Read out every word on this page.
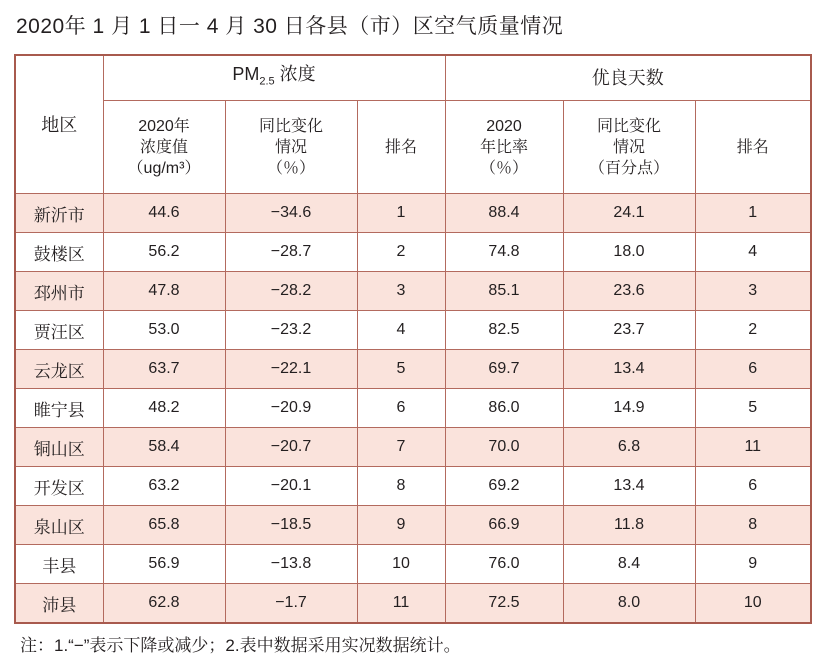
2020年 1 月 1 日一 4 月 30 日各县（市）区空气质量情况
地区	$PM_{2.5}$ 浓度			优良天数		

	2020年
浓度值
（ug/m³）	同比变化
情况
（％）	排名	2020
年比率
（％）	同比变化
情况
（百分点）	排名
新沂市	44.6	−34.6	1	88.4	24.1	1
鼓楼区	56.2	−28.7	2	74.8	18.0	4
邳州市	47.8	−28.2	3	85.1	23.6	3
贾汪区	53.0	−23.2	4	82.5	23.7	2
云龙区	63.7	−22.1	5	69.7	13.4	6
睢宁县	48.2	−20.9	6	86.0	14.9	5
铜山区	58.4	−20.7	7	70.0	6.8	11
开发区	63.2	−20.1	8	69.2	13.4	6
泉山区	65.8	−18.5	9	66.9	11.8	8
丰县	56.9	−13.8	10	76.0	8.4	9
沛县	62.8	−1.7	11	72.5	8.0	10
注：1.“−”表示下降或减少；2.表中数据采用实况数据统计。
